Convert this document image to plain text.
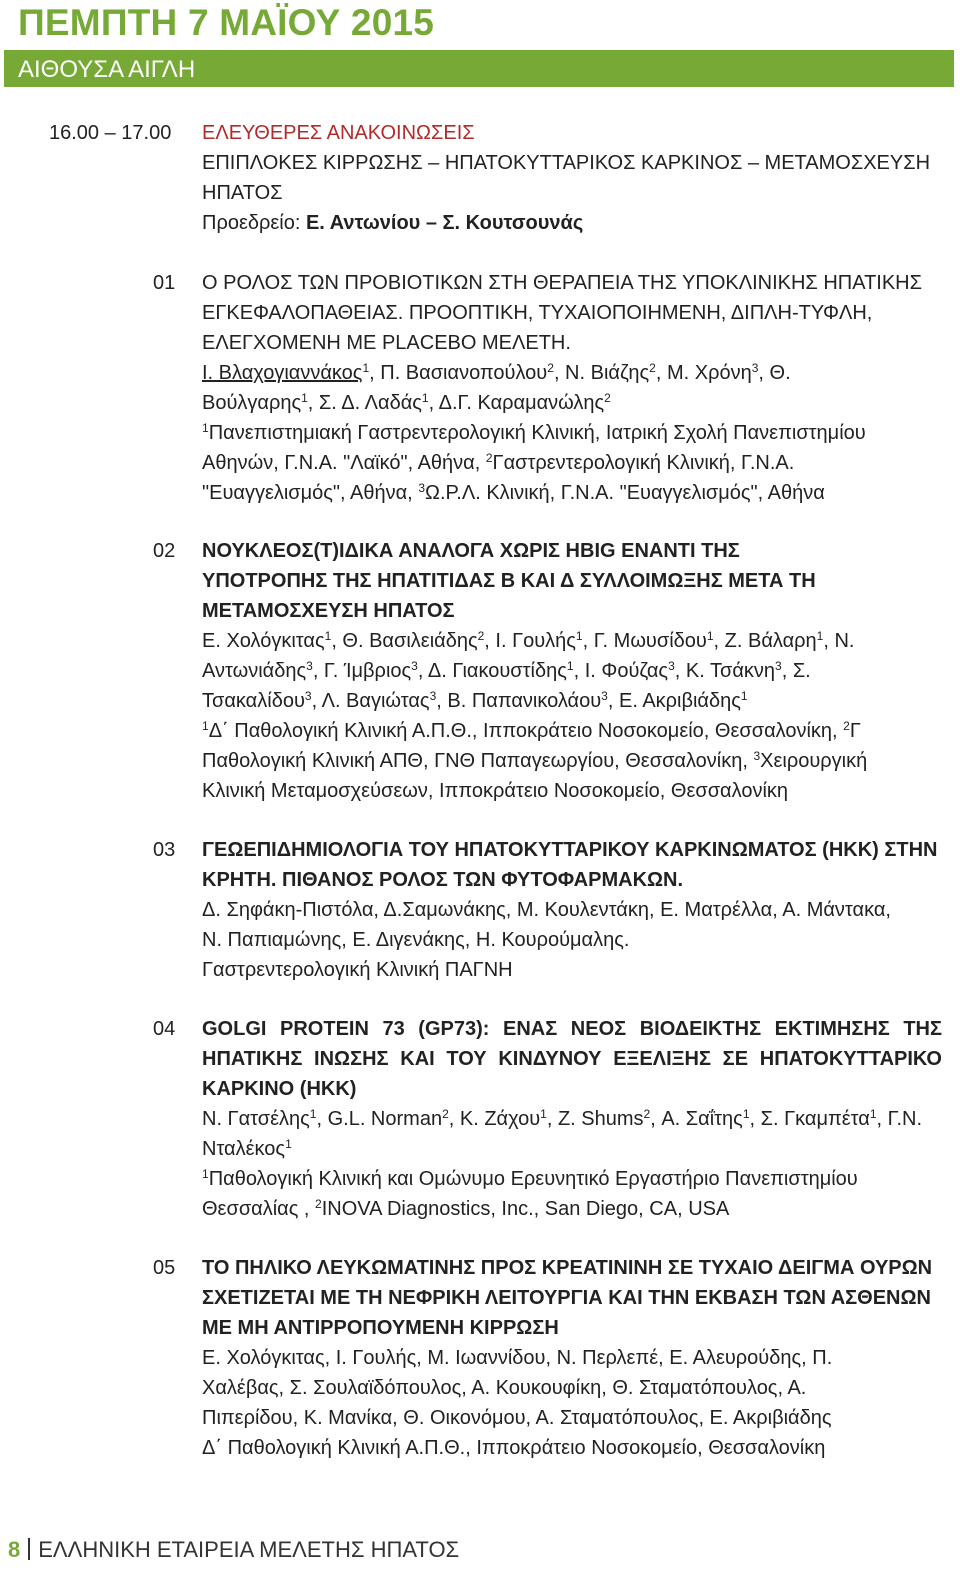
ΠΕΜΠΤΗ 7 ΜΑΪΟΥ 2015
ΑΙΘΟΥΣΑ ΑΙΓΛΗ
16.00 – 17.00 ΕΛΕΥΘΕΡΕΣ ΑΝΑΚΟΙΝΩΣΕΙΣ
ΕΠΙΠΛΟΚΕΣ ΚΙΡΡΩΣΗΣ – ΗΠΑΤΟΚΥΤΤΑΡΙΚΟΣ ΚΑΡΚΙΝΟΣ – ΜΕΤΑΜΟΣΧΕΥΣΗ
ΗΠΑΤΟΣ
Προεδρείο: Ε. Αντωνίου – Σ. Κουτσουνάς
01	Ο ΡΟΛΟΣ ΤΩΝ ΠΡΟΒΙΟΤΙΚΩΝ ΣΤΗ ΘΕΡΑΠΕΙΑ ΤΗΣ ΥΠΟΚΛΙΝΙΚΗΣ ΗΠΑΤΙΚΗΣ
ΕΓΚΕΦΑΛΟΠΑΘΕΙΑΣ. ΠΡΟΟΠΤΙΚΗ, ΤΥΧΑΙΟΠΟΙΗΜΕΝΗ, ΔΙΠΛΗ-ΤΥΦΛΗ,
ΕΛΕΓΧΟΜΕΝΗ ΜΕ PLACEBO ΜΕΛΕΤΗ.
Ι. Βλαχογιαννάκος$^1$, Π. Βασιανοπούλου$^2$, Ν. Βιάζης$^2$, Μ. Χρόνη$^3$, Θ.
Βούλγαρης$^1$, Σ. Δ. Λαδάς$^1$, Δ.Γ. Καραμανώλης$^2$
$^1$Πανεπιστημιακή Γαστρεντερολογική Κλινική, Ιατρική Σχολή Πανεπιστημίου
Αθηνών, Γ.Ν.Α. "Λαϊκό", Αθήνα, $^2$Γαστρεντερολογική Κλινική, Γ.Ν.Α.
"Ευαγγελισμός", Αθήνα, $^3$Ω.Ρ.Λ. Κλινική, Γ.Ν.Α. "Ευαγγελισμός", Αθήνα
02	ΝΟΥΚΛΕΟΣ(Τ)ΙΔΙΚΑ ΑΝΑΛΟΓΑ ΧΩΡΙΣ HBIG ΕΝΑΝΤΙ ΤΗΣ
ΥΠΟΤΡΟΠΗΣ ΤΗΣ ΗΠΑΤΙΤΙΔΑΣ Β ΚΑΙ Δ ΣΥΛΛΟΙΜΩΞΗΣ ΜΕΤΑ ΤΗ
ΜΕΤΑΜΟΣΧΕΥΣΗ ΗΠΑΤΟΣ
Ε. Χολόγκιτας$^1$, Θ. Βασιλειάδης$^2$, Ι. Γουλής$^1$, Γ. Μωυσίδου$^1$, Ζ. Βάλαρη$^1$, Ν.
Αντωνιάδης$^3$, Γ. Ίμβριος$^3$, Δ. Γιακουστίδης$^1$, Ι. Φούζας$^3$, Κ. Τσάκνη$^3$, Σ.
Τσακαλίδου$^3$, Λ. Βαγιώτας$^3$, Β. Παπανικολάου$^3$, Ε. Ακριβιάδης$^1$
$^1$Δ΄ Παθολογική Κλινική Α.Π.Θ., Ιπποκράτειο Νοσοκομείο, Θεσσαλονίκη, $^2$Γ
Παθολογική Κλινική ΑΠΘ, ΓΝΘ Παπαγεωργίου, Θεσσαλονίκη, $^3$Χειρουργική
Κλινική Μεταμοσχεύσεων, Ιπποκράτειο Νοσοκομείο, Θεσσαλονίκη
03	ΓΕΩΕΠΙΔΗΜΙΟΛΟΓΙΑ ΤΟΥ ΗΠΑΤΟΚΥΤΤΑΡΙΚΟΥ ΚΑΡΚΙΝΩΜΑΤΟΣ (ΗΚΚ) ΣΤΗΝ
ΚΡΗΤΗ. ΠΙΘΑΝΟΣ ΡΟΛΟΣ ΤΩΝ ΦΥΤΟΦΑΡΜΑΚΩΝ.
Δ. Σηφάκη-Πιστόλα, Δ.Σαμωνάκης, Μ. Κουλεντάκη, Ε. Ματρέλλα, Α. Μάντακα,
Ν. Παπιαμώνης, Ε. Διγενάκης, Η. Κουρούμαλης.
Γαστρεντερολογική Κλινική ΠΑΓΝΗ
04	GOLGI PROTEIN 73 (GP73): ΕΝΑΣ ΝΕΟΣ ΒΙΟΔΕΙΚΤΗΣ ΕΚΤΙΜΗΣΗΣ ΤΗΣ
ΗΠΑΤΙΚΗΣ ΙΝΩΣΗΣ ΚΑΙ ΤΟΥ ΚΙΝΔΥΝΟΥ ΕΞΕΛΙΞΗΣ ΣΕ ΗΠΑΤΟΚΥΤΤΑΡΙΚΟ
ΚΑΡΚΙΝΟ (ΗΚΚ)
Ν. Γατσέλης$^1$, G.L. Norman$^2$, Κ. Ζάχου$^1$, Z. Shums$^2$, Α. Σαΐτης$^1$, Σ. Γκαμπέτα$^1$, Γ.Ν.
Νταλέκος$^1$
$^1$Παθολογική Κλινική και Ομώνυμο Ερευνητικό Εργαστήριο Πανεπιστημίου
Θεσσαλίας , $^2$INOVA Diagnostics, Inc., San Diego, CA, USA
05	ΤΟ ΠΗΛΙΚΟ ΛΕΥΚΩΜΑΤΙΝΗΣ ΠΡΟΣ ΚΡΕΑΤΙΝΙΝΗ ΣΕ ΤΥΧΑΙΟ ΔΕΙΓΜΑ ΟΥΡΩΝ
ΣΧΕΤΙΖΕΤΑΙ ΜΕ ΤΗ ΝΕΦΡΙΚΗ ΛΕΙΤΟΥΡΓΙΑ ΚΑΙ ΤΗΝ ΕΚΒΑΣΗ ΤΩΝ ΑΣΘΕΝΩΝ
ΜΕ ΜΗ ΑΝΤΙΡΡΟΠΟΥΜΕΝΗ ΚΙΡΡΩΣΗ
Ε. Χολόγκιτας, Ι. Γουλής, Μ. Ιωαννίδου, Ν. Περλεπέ, Ε. Αλευρούδης, Π.
Χαλέβας, Σ. Σουλαϊδόπουλος, Α. Κουκουφίκη, Θ. Σταματόπουλος, Α.
Πιπερίδου, Κ. Μανίκα, Θ. Οικονόμου, Α. Σταματόπουλος, Ε. Ακριβιάδης
Δ΄ Παθολογική Κλινική Α.Π.Θ., Ιπποκράτειο Νοσοκομείο, Θεσσαλονίκη
8 ΕΛΛΗΝΙΚΗ ΕΤΑΙΡΕΙΑ ΜΕΛΕΤΗΣ ΗΠΑΤΟΣ
